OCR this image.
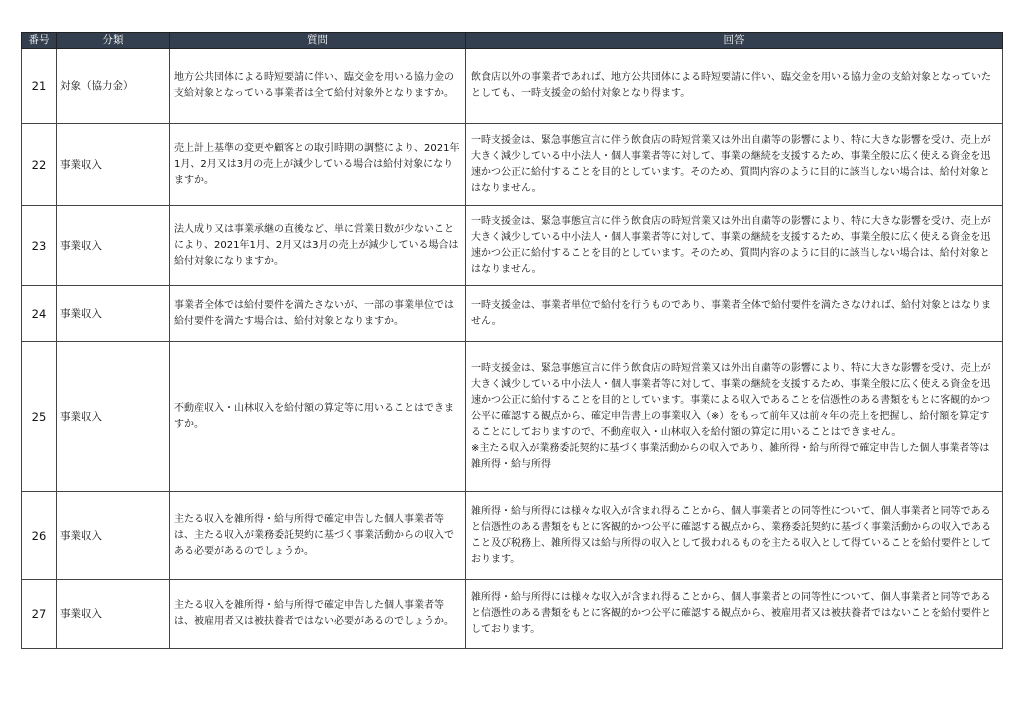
番号	分類	質問	回答
21	対象（協力金）	地方公共団体による時短要請に伴い、臨交金を用いる協力金の支給対象となっている事業者は全て給付対象外となりますか。	飲食店以外の事業者であれば、地方公共団体による時短要請に伴い、臨交金を用いる協力金の支給対象となっていたとしても、一時支援金の給付対象となり得ます。
22	事業収入	売上計上基準の変更や顧客との取引時期の調整により、2021年1月、2月又は3月の売上が減少している場合は給付対象になりますか。	一時支援金は、緊急事態宣言に伴う飲食店の時短営業又は外出自粛等の影響により、特に大きな影響を受け、売上が大きく減少している中小法人・個人事業者等に対して、事業の継続を支援するため、事業全般に広く使える資金を迅速かつ公正に給付することを目的としています。そのため、質問内容のように目的に該当しない場合は、給付対象とはなりません。
23	事業収入	法人成り又は事業承継の直後など、単に営業日数が少ないことにより、2021年1月、2月又は3月の売上が減少している場合は給付対象になりますか。	一時支援金は、緊急事態宣言に伴う飲食店の時短営業又は外出自粛等の影響により、特に大きな影響を受け、売上が大きく減少している中小法人・個人事業者等に対して、事業の継続を支援するため、事業全般に広く使える資金を迅速かつ公正に給付することを目的としています。そのため、質問内容のように目的に該当しない場合は、給付対象とはなりません。
24	事業収入	事業者全体では給付要件を満たさないが、一部の事業単位では給付要件を満たす場合は、給付対象となりますか。	一時支援金は、事業者単位で給付を行うものであり、事業者全体で給付要件を満たさなければ、給付対象とはなりません。
25	事業収入	不動産収入・山林収入を給付額の算定等に用いることはできますか。	一時支援金は、緊急事態宣言に伴う飲食店の時短営業又は外出自粛等の影響により、特に大きな影響を受け、売上が大きく減少している中小法人・個人事業者等に対して、事業の継続を支援するため、事業全般に広く使える資金を迅速かつ公正に給付することを目的としています。事業による収入であることを信憑性のある書類をもとに客観的かつ公平に確認する観点から、確定申告書上の事業収入（※）をもって前年又は前々年の売上を把握し、給付額を算定することにしておりますので、不動産収入・山林収入を給付額の算定に用いることはできません。
※主たる収入が業務委託契約に基づく事業活動からの収入であり、雑所得・給与所得で確定申告した個人事業者等は雑所得・給与所得
26	事業収入	主たる収入を雑所得・給与所得で確定申告した個人事業者等は、主たる収入が業務委託契約に基づく事業活動からの収入である必要があるのでしょうか。	雑所得・給与所得には様々な収入が含まれ得ることから、個人事業者との同等性について、個人事業者と同等であると信憑性のある書類をもとに客観的かつ公平に確認する観点から、業務委託契約に基づく事業活動からの収入であること及び税務上、雑所得又は給与所得の収入として扱われるものを主たる収入として得ていることを給付要件としております。
27	事業収入	主たる収入を雑所得・給与所得で確定申告した個人事業者等は、被雇用者又は被扶養者ではない必要があるのでしょうか。	雑所得・給与所得には様々な収入が含まれ得ることから、個人事業者との同等性について、個人事業者と同等であると信憑性のある書類をもとに客観的かつ公平に確認する観点から、被雇用者又は被扶養者ではないことを給付要件としております。
